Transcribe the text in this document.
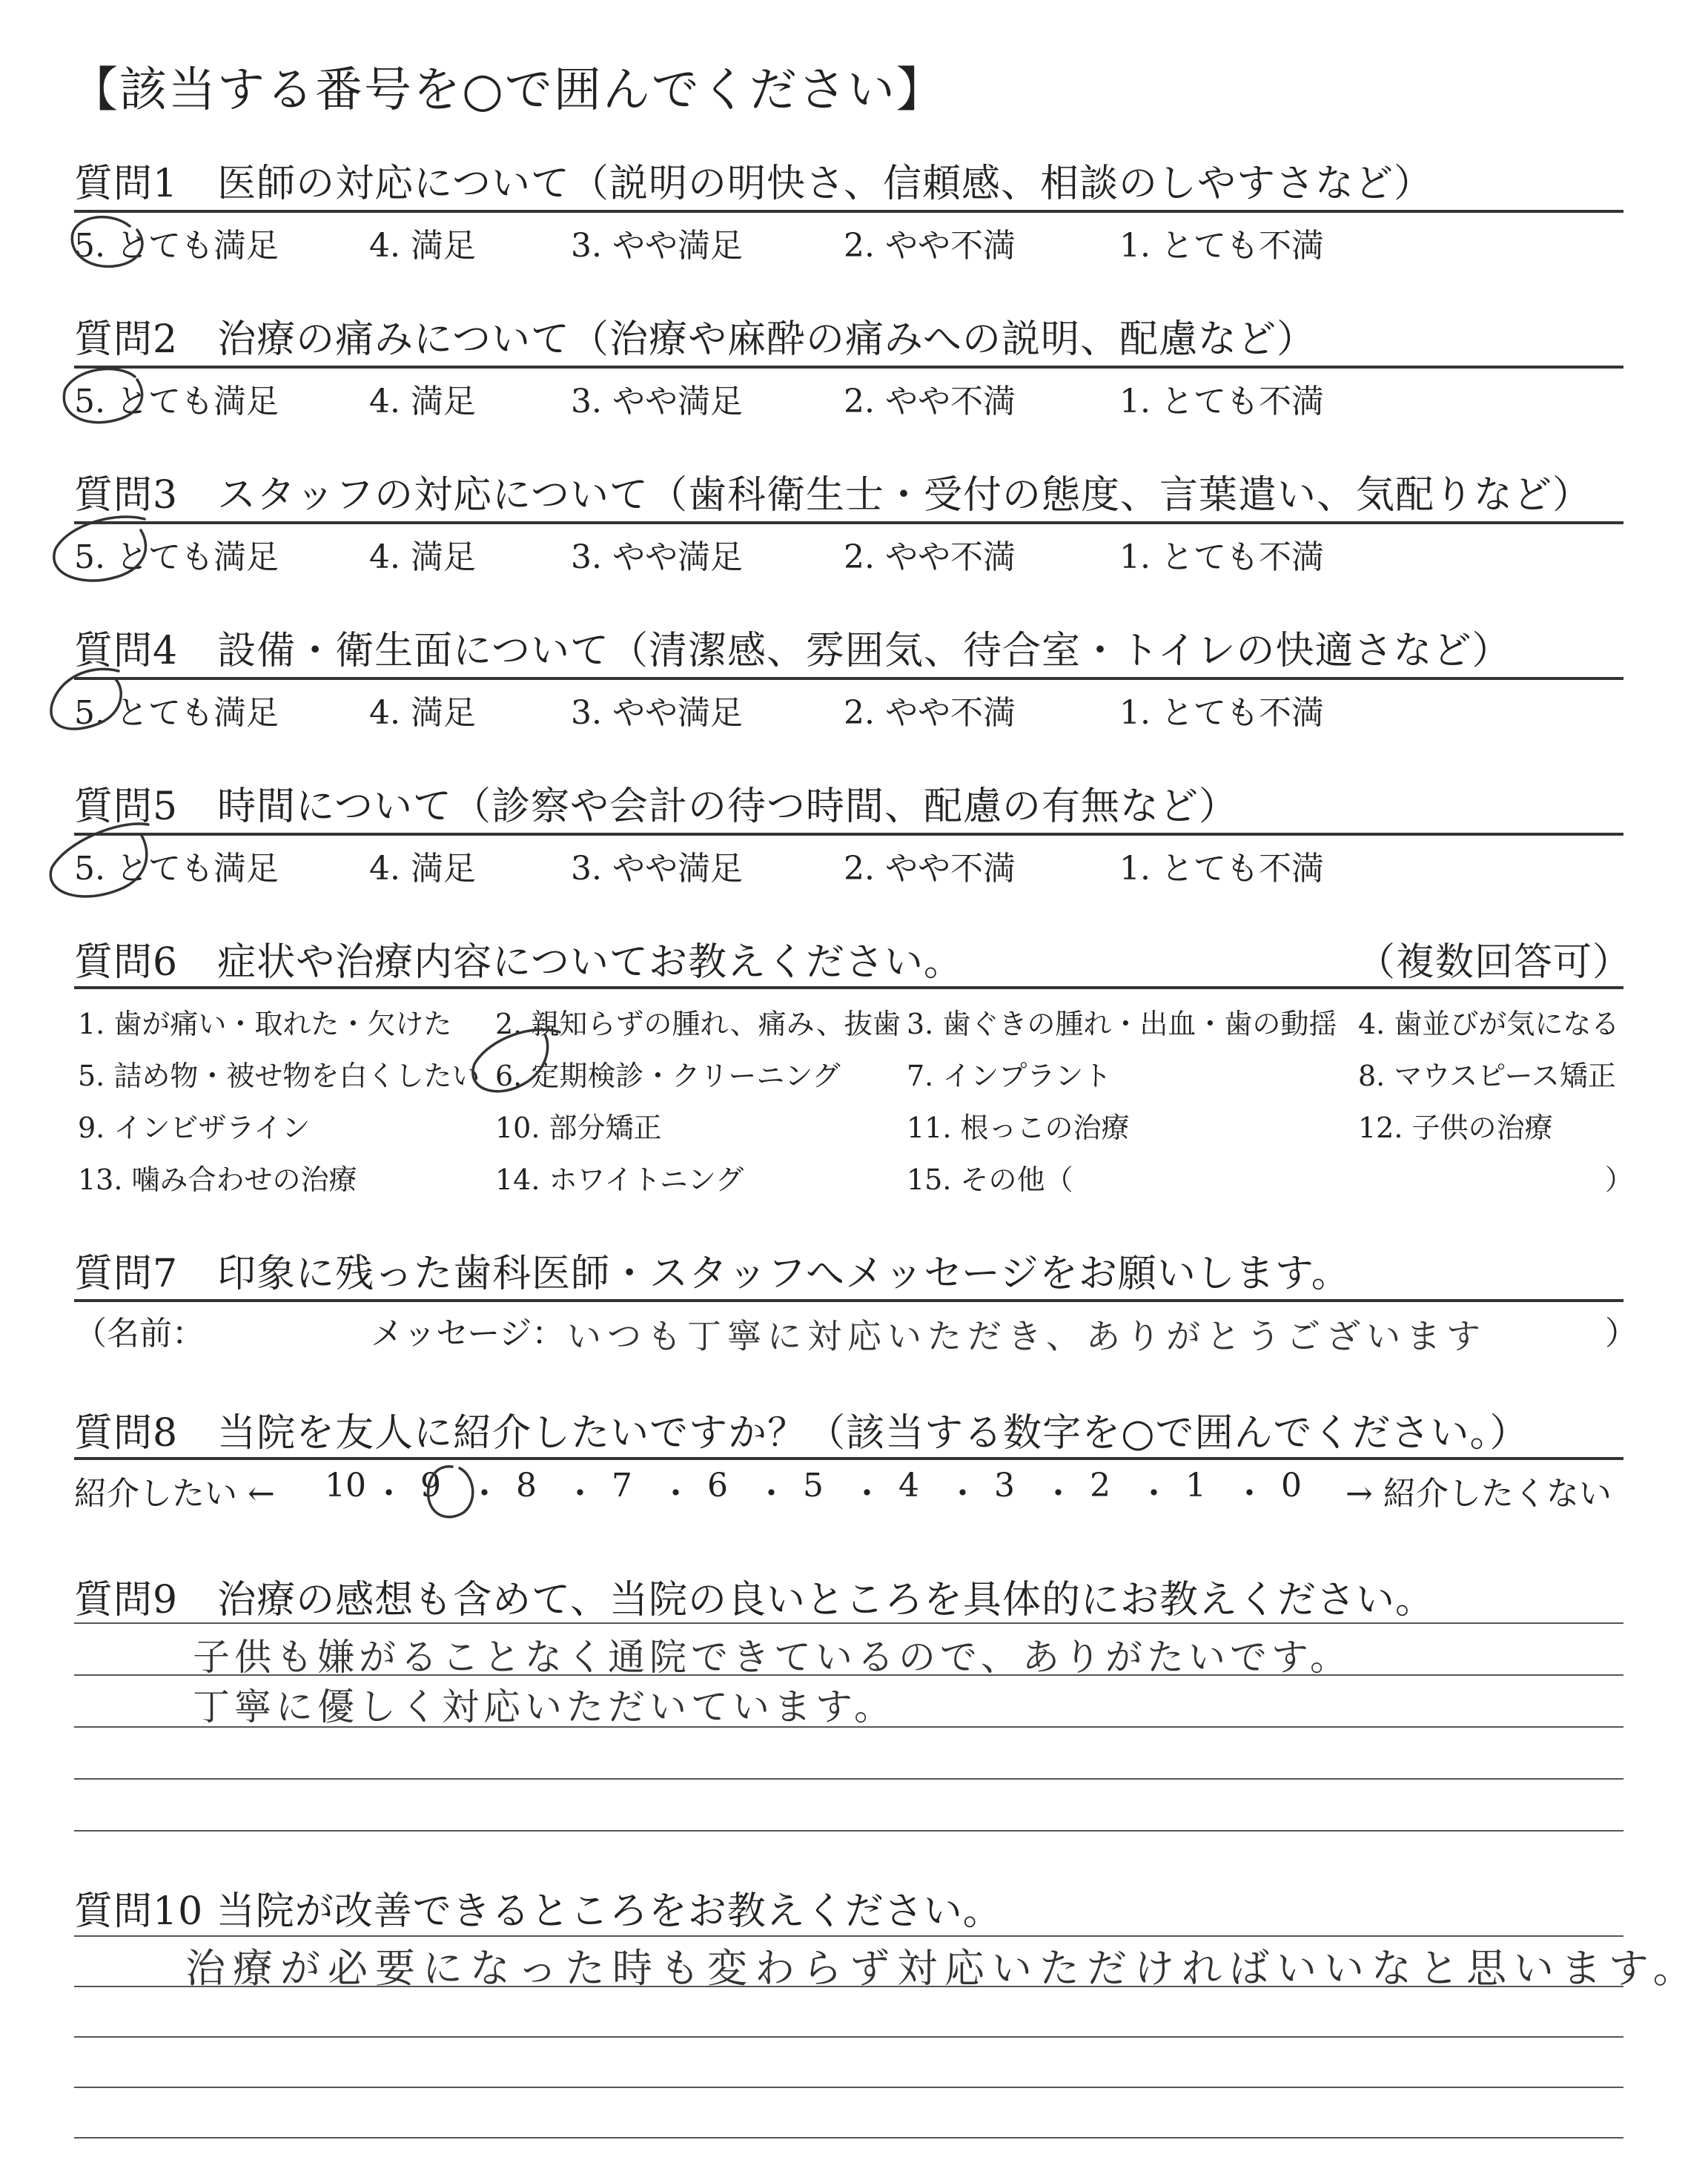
【該当する番号を○で囲んでください】
質問1　医師の対応について（説明の明快さ、信頼感、相談のしやすさなど）
5. とても満足	4. 満足	3. やや満足	2. やや不満	1. とても不満
質問2　治療の痛みについて（治療や麻酔の痛みへの説明、配慮など）
5. とても満足	4. 満足	3. やや満足	2. やや不満	1. とても不満
質問3　スタッフの対応について（歯科衛生士・受付の態度、言葉遣い、気配りなど）
5. とても満足	4. 満足	3. やや満足	2. やや不満	1. とても不満
質問4　設備・衛生面について（清潔感、雰囲気、待合室・トイレの快適さなど）
5. とても満足	4. 満足	3. やや満足	2. やや不満	1. とても不満
質問5　時間について（診察や会計の待つ時間、配慮の有無など）
5. とても満足	4. 満足	3. やや満足	2. やや不満	1. とても不満
質問6　症状や治療内容についてお教えください。	（複数回答可）
1. 歯が痛い・取れた・欠けた 2. 親知らずの腫れ、痛み、抜歯 3. 歯ぐきの腫れ・出血・歯の動揺 4. 歯並びが気になる
5. 詰め物・被せ物を白くしたい 6. 定期検診・クリーニング 7. インプラント	8. マウスピース矯正
9. インビザライン	10. 部分矯正	11. 根っこの治療	12. 子供の治療
13. 噛み合わせの治療	14. ホワイトニング	15. その他（	）
質問7　印象に残った歯科医師・スタッフへメッセージをお願いします。
（名前：	メッセージ： いつも丁寧に対応いただき、ありがとうございます	）
質問8　当院を友人に紹介したいですか？（該当する数字を○で囲んでください。）
紹介したい ← 10 ・ 9 ・ 8 ・ 7 ・ 6 ・ 5 ・ 4 ・ 3 ・ 2 ・ 1 ・ 0 → 紹介したくない
質問9　治療の感想も含めて、当院の良いところを具体的にお教えください。
子供も嫌がることなく通院できているので、ありがたいです。
丁寧に優しく対応いただいています。
質問10 当院が改善できるところをお教えください。
治療が必要になった時も変わらず対応いただければいいなと思います。
